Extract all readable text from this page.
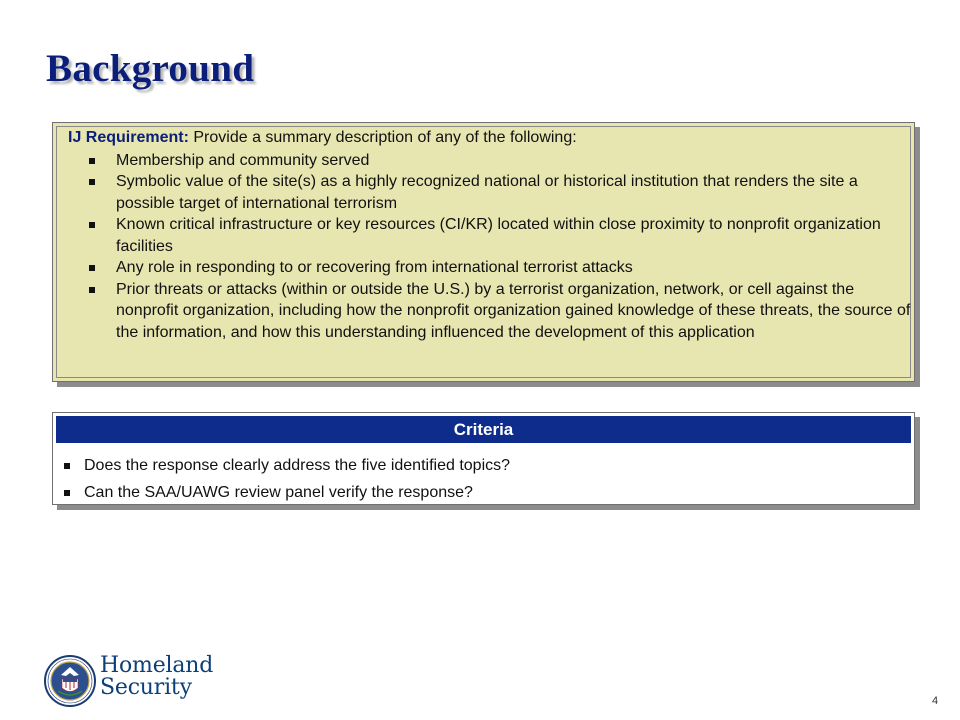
Background
IJ Requirement: Provide a summary description of any of the following:
Membership and community served
Symbolic value of the site(s) as a highly recognized national or historical institution that renders the site a possible target of international terrorism
Known critical infrastructure or key resources (CI/KR) located within close proximity to nonprofit organization facilities
Any role in responding to or recovering from international terrorist attacks
Prior threats or attacks (within or outside the U.S.) by a terrorist organization, network, or cell against the nonprofit organization, including how the nonprofit organization gained knowledge of these threats, the source of the information, and how this understanding influenced the development of this application
Criteria
Does the response clearly address the five identified topics?
Can the SAA/UAWG review panel verify the response?
Homeland
Security
4
